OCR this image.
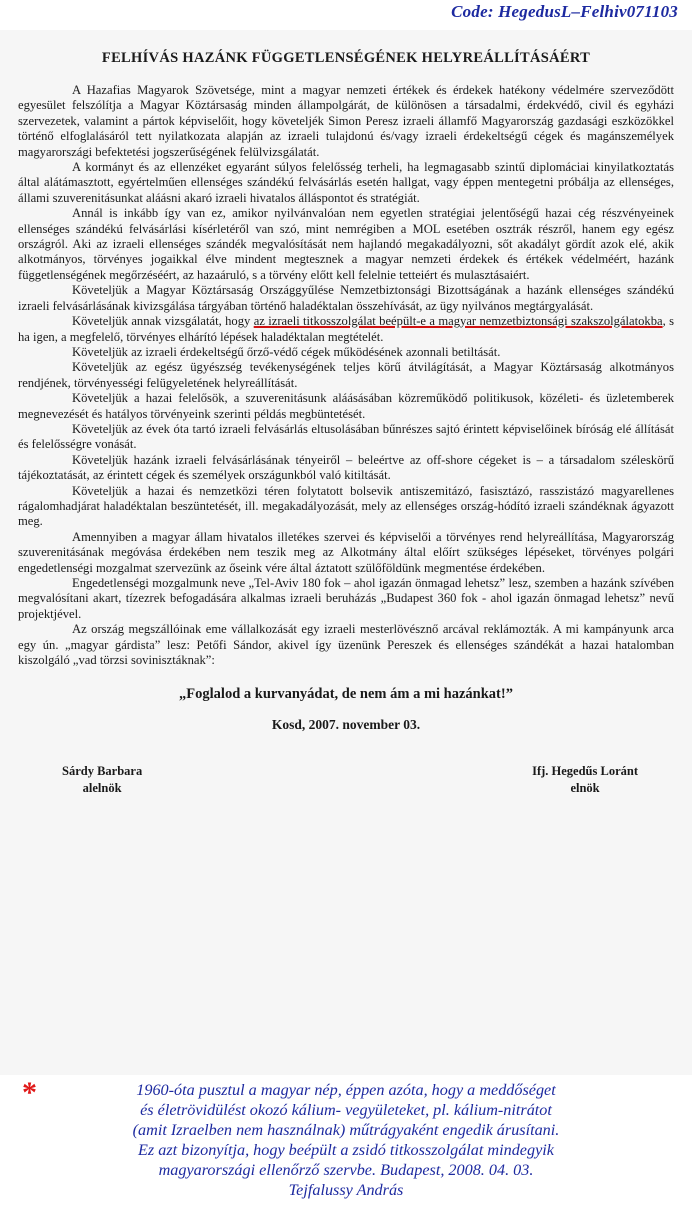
Code: HegedusL–Felhiv071103
FELHÍVÁS HAZÁNK FÜGGETLENSÉGÉNEK HELYREÁLLÍTÁSÁÉRT

A Hazafias Magyarok Szövetsége, mint a magyar nemzeti értékek és érdekek hatékony védelmére szerveződött egyesület felszólítja a Magyar Köztársaság minden állampolgárát, de különösen a társadalmi, érdekvédő, civil és egyházi szervezetek, valamint a pártok képviselőit, hogy követeljék Simon Peresz izraeli államfő Magyarország gazdasági eszközökkel történő elfoglalásáról tett nyilatkozata alapján az izraeli tulajdonú és/vagy izraeli érdekeltségű cégek és magánszemélyek magyarországi befektetési jogszerűségének felülvizsgálatát.

A kormányt és az ellenzéket egyaránt súlyos felelősség terheli, ha legmagasabb szintű diplomáciai kinyilatkoztatás által alátámasztott, egyértelműen ellenséges szándékú felvásárlás esetén hallgat, vagy éppen mentegetni próbálja az ellenséges, állami szuverenitásunkat aláásni akaró izraeli hivatalos álláspontot és stratégiát.

Annál is inkább így van ez, amikor nyilvánvalóan nem egyetlen stratégiai jelentőségű hazai cég részvényeinek ellenséges szándékú felvásárlási kísérletéről van szó, mint nemrégiben a MOL esetében osztrák részről, hanem egy egész országról. Aki az izraeli ellenséges szándék megvalósítását nem hajlandó megakadályozni, sőt akadályt gördít azok elé, akik alkotmányos, törvényes jogaikkal élve mindent megtesznek a magyar nemzeti érdekek és értékek védelméért, hazánk függetlenségének megőrzéséért, az hazaáruló, s a törvény előtt kell felelnie tetteiért és mulasztásaiért.

Követeljük a Magyar Köztársaság Országgyűlése Nemzetbiztonsági Bizottságának a hazánk ellenséges szándékú izraeli felvásárlásának kivizsgálása tárgyában történő haladéktalan összehívását, az ügy nyilvános megtárgyalását.

Követeljük annak vizsgálatát, hogy az izraeli titkosszolgálat beépült-e a magyar nemzetbiztonsági szakszolgálatokba, s ha igen, a megfelelő, törvényes elhárító lépések haladéktalan megtételét.

Követeljük az izraeli érdekeltségű őrző-védő cégek működésének azonnali betiltását.

Követeljük az egész ügyészség tevékenységének teljes körű átvilágítását, a Magyar Köztársaság alkotmányos rendjének, törvényességi felügyeletének helyreállítását.

Követeljük a hazai felelősök, a szuverenitásunk aláásásában közreműködő politikusok, közéleti- és üzletemberek megnevezését és hatályos törvényeink szerinti példás megbüntetését.

Követeljük az évek óta tartó izraeli felvásárlás eltusolásában bűnrészes sajtó érintett képviselőinek bíróság elé állítását és felelősségre vonását.

Követeljük hazánk izraeli felvásárlásának tényeiről – beleértve az off-shore cégeket is – a társadalom széleskörű tájékoztatását, az érintett cégek és személyek országunkból való kitiltását.

Követeljük a hazai és nemzetközi téren folytatott bolsevik antiszemitázó, fasisztázó, rasszistázó magyarellenes rágalomhadjárat haladéktalan beszüntetését, ill. megakadályozását, mely az ellenséges ország-hódító izraeli szándéknak ágyazott meg.

Amennyiben a magyar állam hivatalos illetékes szervei és képviselői a törvényes rend helyreállítása, Magyarország szuverenitásának megóvása érdekében nem teszik meg az Alkotmány által előírt szükséges lépéseket, törvényes polgári engedetlenségi mozgalmat szervezünk az őseink vére által áztatott szülőföldünk megmentése érdekében.

Engedetlenségi mozgalmunk neve „Tel-Aviv 180 fok – ahol igazán önmagad lehetsz” lesz, szemben a hazánk szívében megvalósítani akart, tízezrek befogadására alkalmas izraeli beruházás „Budapest 360 fok - ahol igazán önmagad lehetsz” nevű projektjével.

Az ország megszállóinak eme vállalkozását egy izraeli mesterlövésznő arcával reklámozták. A mi kampányunk arca egy ún. „magyar gárdista” lesz: Petőfi Sándor, akivel így üzenünk Pereszek és ellenséges szándékát a hazai hatalomban kiszolgáló „vad törzsi sovinisztáknak”:

„Foglalod a kurvanyádat, de nem ám a mi hazánkat!”
Kosd, 2007. november 03.
Sárdy Barbara
alelnök
Ifj. Hegedűs Loránt
elnök
*	1960-óta pusztul a magyar nép, éppen azóta, hogy a meddőséget
és életrövidülést okozó kálium- vegyületeket, pl. kálium-nitrátot
(amit Izraelben nem használnak) műtrágyaként engedik árusítani.
Ez azt bizonyítja, hogy beépült a zsidó titkosszolgálat mindegyik
magyarországi ellenőrző szervbe. Budapest, 2008. 04. 03.
Tejfalussy András
